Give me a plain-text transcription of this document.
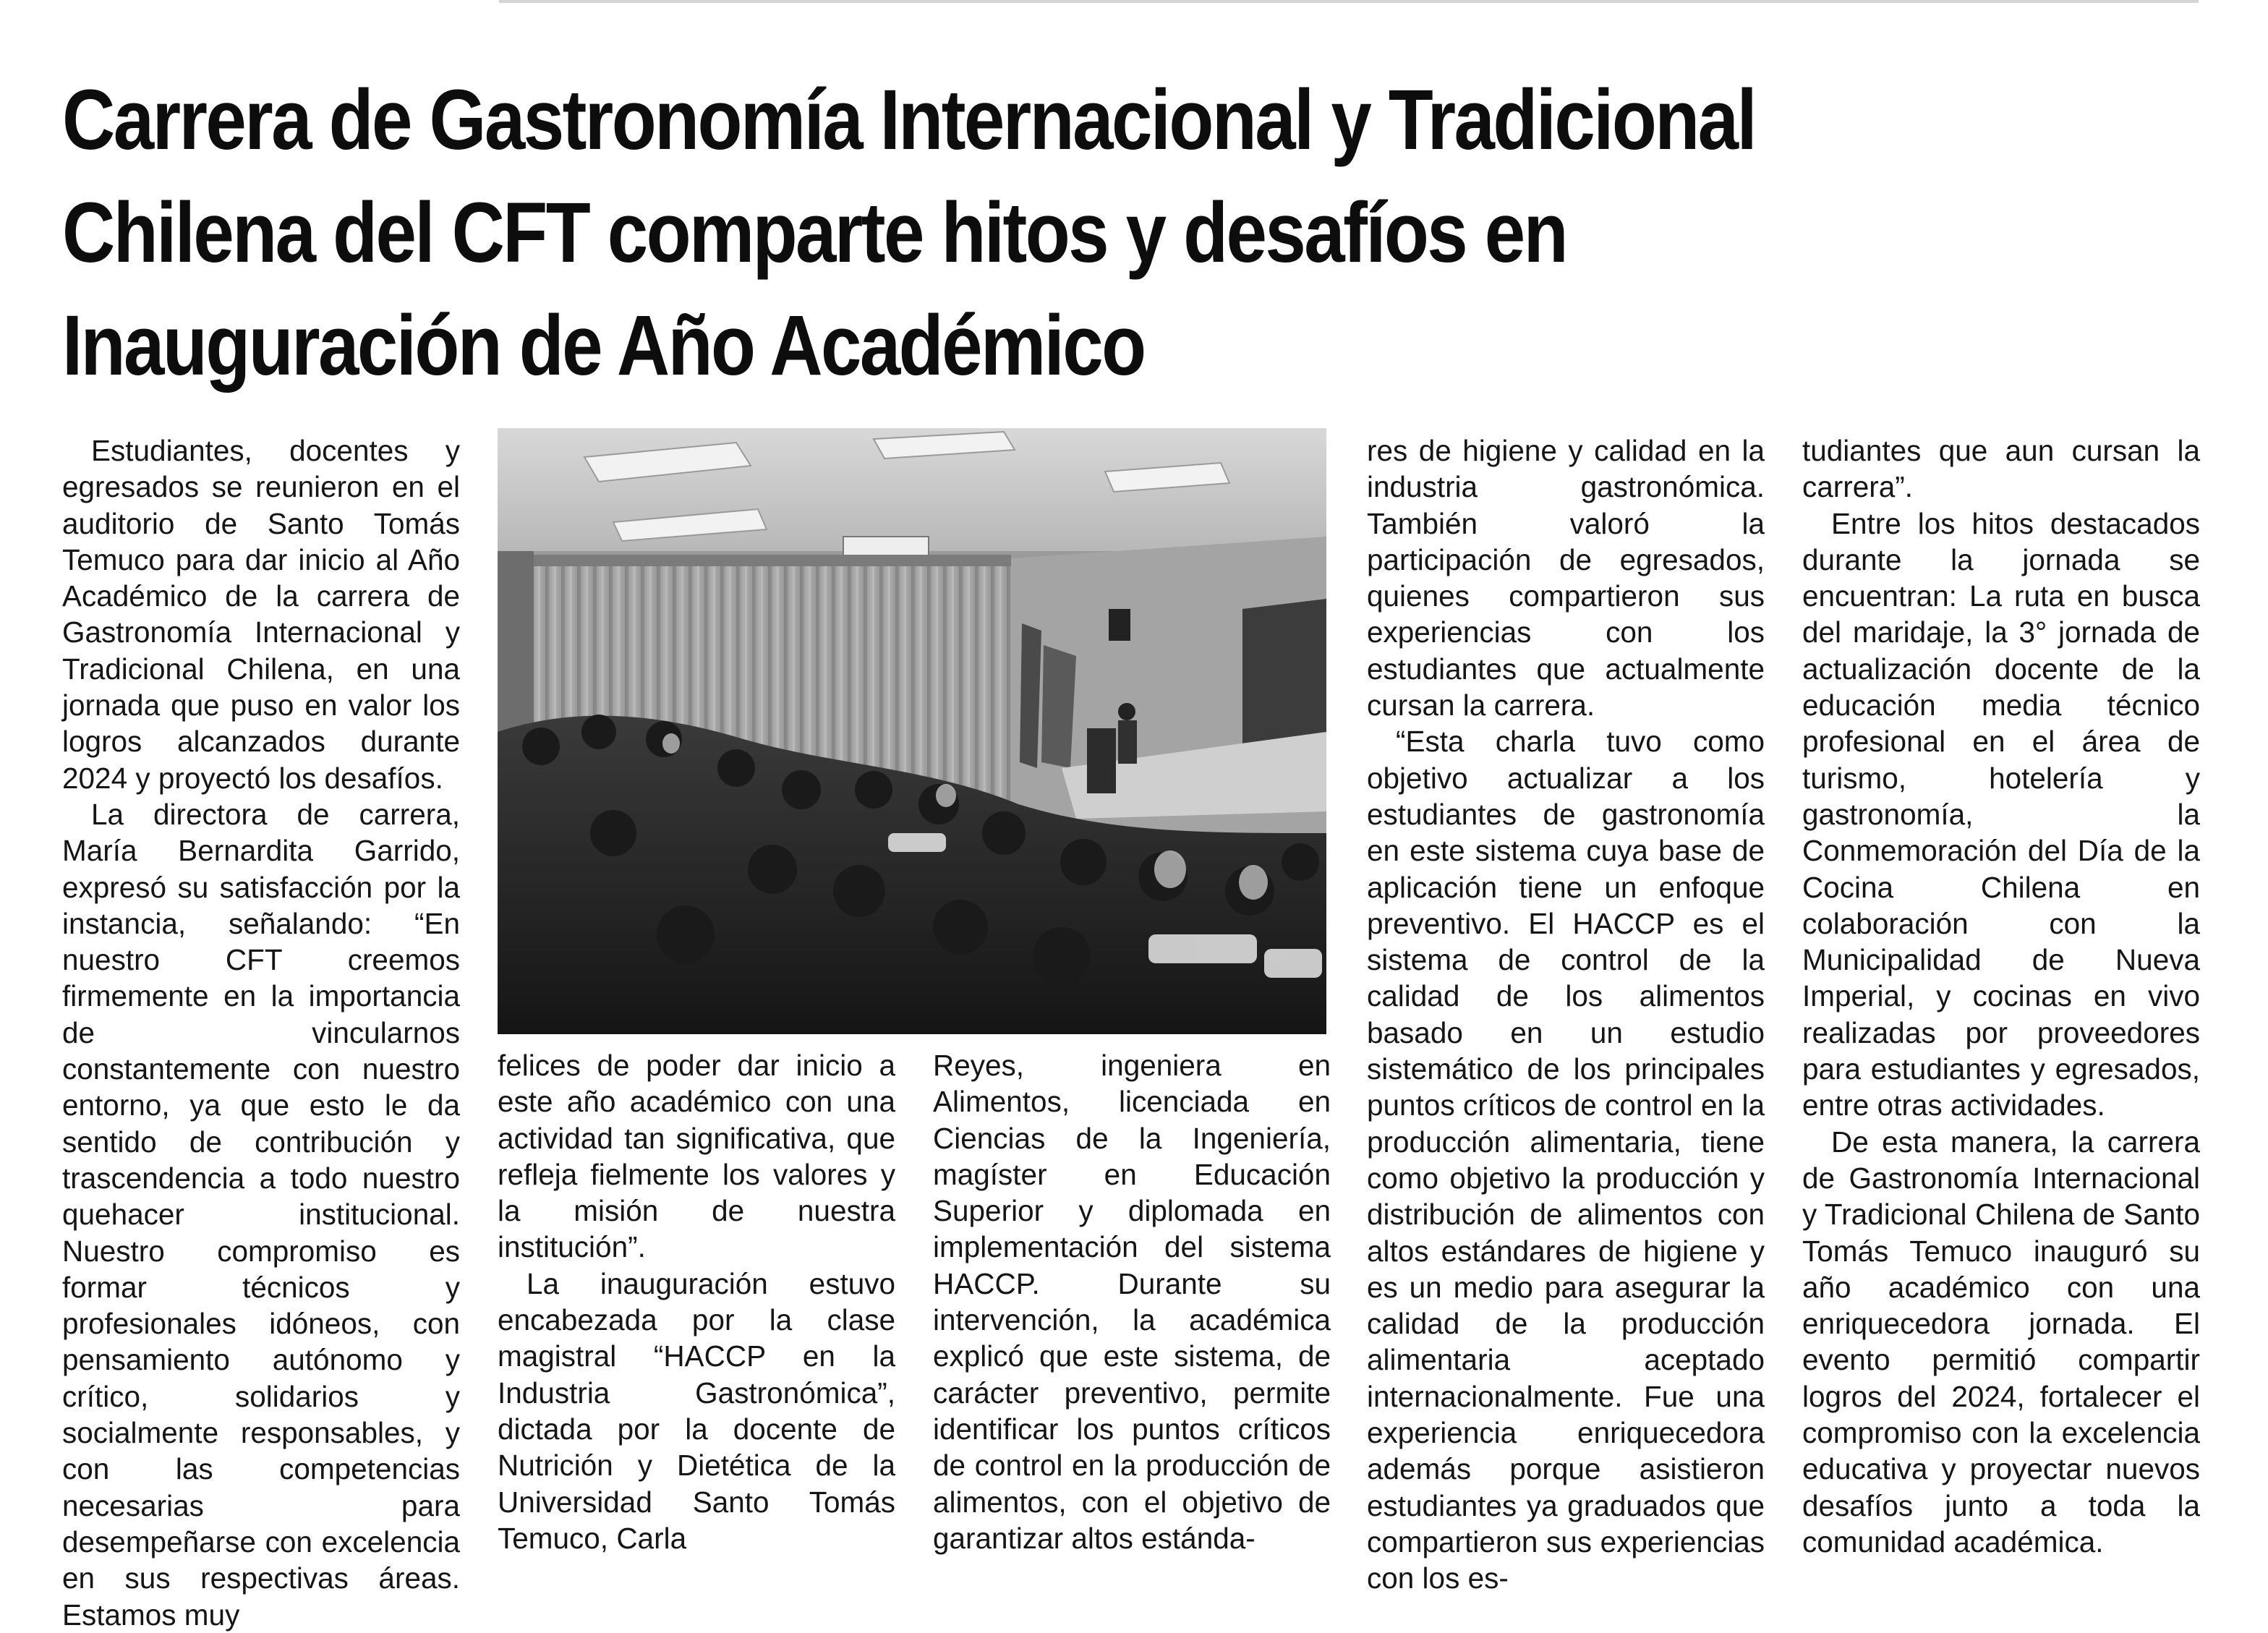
Carrera de Gastronomía Internacional y Tradicional
Chilena del CFT comparte hitos y desafíos en
Inauguración de Año Académico

Estudiantes, docentes y egresados se reunieron en el auditorio de Santo Tomás Temuco para dar inicio al Año Académico de la carrera de Gastronomía Internacional y Tradicional Chilena, en una jornada que puso en valor los logros alcanzados durante 2024 y proyectó los desafíos.

La directora de carrera, María Bernardita Garrido, expresó su satisfacción por la instancia, señalando: “En nuestro CFT creemos firmemente en la importancia de vincularnos constantemente con nuestro entorno, ya que esto le da sentido de contribución y trascendencia a todo nuestro quehacer institucional. Nuestro compromiso es formar técnicos y profesionales idóneos, con pensamiento autónomo y crítico, solidarios y socialmente responsables, y con las competencias necesarias para desempeñarse con excelencia en sus respectivas áreas. Estamos muy

felices de poder dar inicio a este año académico con una actividad tan significativa, que refleja fielmente los valores y la misión de nuestra institución”.

La inauguración estuvo encabezada por la clase magistral “HACCP en la Industria Gastronómica”, dictada por la docente de Nutrición y Dietética de la Universidad Santo Tomás Temuco, Carla

Reyes, ingeniera en Alimentos, licenciada en Ciencias de la Ingeniería, magíster en Educación Superior y diplomada en implementación del sistema HACCP. Durante su intervención, la académica explicó que este sistema, de carácter preventivo, permite identificar los puntos críticos de control en la producción de alimentos, con el objetivo de garantizar altos estánda-

res de higiene y calidad en la industria gastronómica. También valoró la participación de egresados, quienes compartieron sus experiencias con los estudiantes que actualmente cursan la carrera.

“Esta charla tuvo como objetivo actualizar a los estudiantes de gastronomía en este sistema cuya base de aplicación tiene un enfoque preventivo. El HACCP es el sistema de control de la calidad de los alimentos basado en un estudio sistemático de los principales puntos críticos de control en la producción alimentaria, tiene como objetivo la producción y distribución de alimentos con altos estándares de higiene y es un medio para asegurar la calidad de la producción alimentaria aceptado internacionalmente. Fue una experiencia enriquecedora además porque asistieron estudiantes ya graduados que compartieron sus experiencias con los es-

tudiantes que aun cursan la carrera”.

Entre los hitos destacados durante la jornada se encuentran: La ruta en busca del maridaje, la 3° jornada de actualización docente de la educación media técnico profesional en el área de turismo, hotelería y gastronomía, la Conmemoración del Día de la Cocina Chilena en colaboración con la Municipalidad de Nueva Imperial, y cocinas en vivo realizadas por proveedores para estudiantes y egresados, entre otras actividades.

De esta manera, la carrera de Gastronomía Internacional y Tradicional Chilena de Santo Tomás Temuco inauguró su año académico con una enriquecedora jornada. El evento permitió compartir logros del 2024, fortalecer el compromiso con la excelencia educativa y proyectar nuevos desafíos junto a toda la comunidad académica.
